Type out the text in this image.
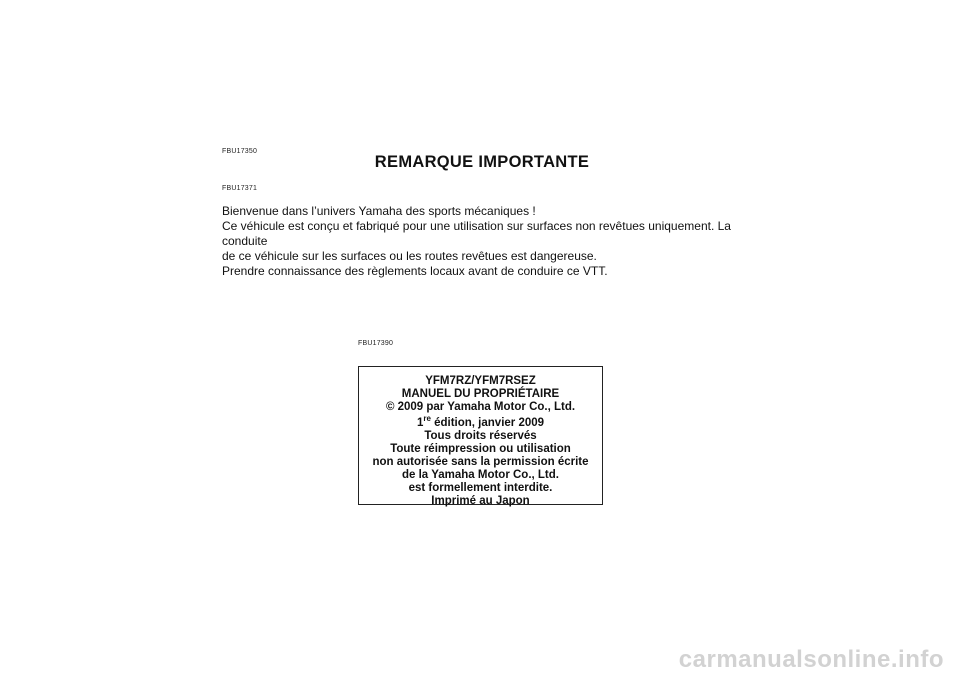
FBU17350
REMARQUE IMPORTANTE
FBU17371

Bienvenue dans l’univers Yamaha des sports mécaniques !

Ce véhicule est conçu et fabriqué pour une utilisation sur surfaces non revêtues uniquement. La conduite

de ce véhicule sur les surfaces ou les routes revêtues est dangereuse.

Prendre connaissance des règlements locaux avant de conduire ce VTT.

FBU17390
YFM7RZ/YFM7RSEZ
MANUEL DU PROPRIÉTAIRE
© 2009 par Yamaha Motor Co., Ltd.
1re édition, janvier 2009
Tous droits réservés
Toute réimpression ou utilisation
non autorisée sans la permission écrite
de la Yamaha Motor Co., Ltd.
est formellement interdite.
Imprimé au Japon
carmanualsonline.info
